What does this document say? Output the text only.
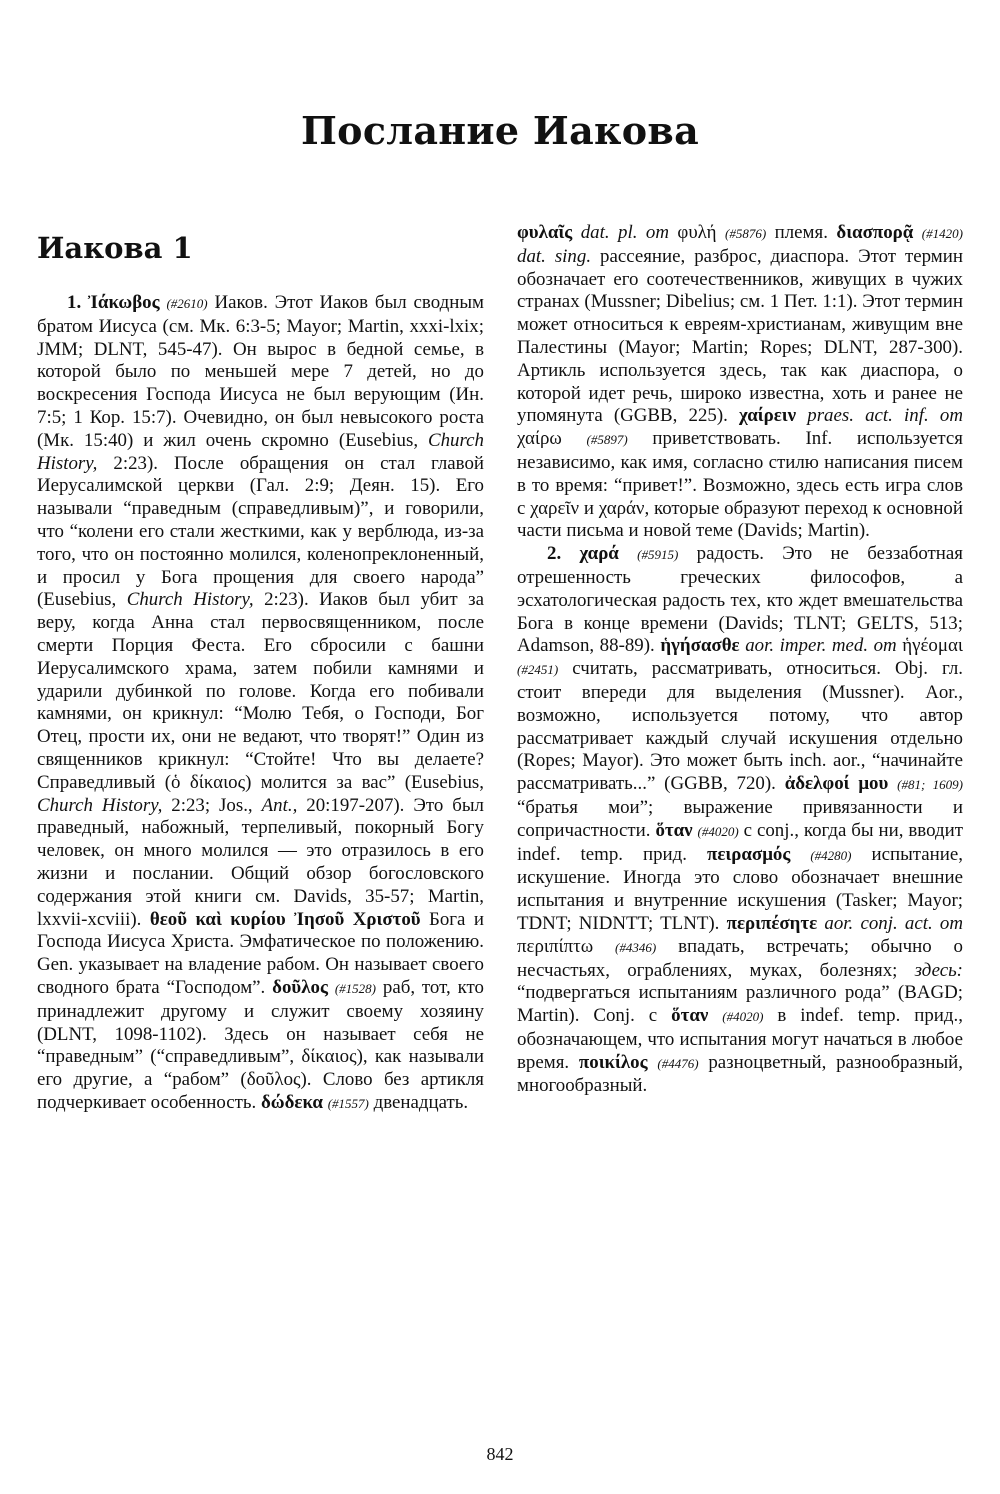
Послание Иакова
Иакова 1

1. Ἰάκωβος (#2610) Иаков. Этот Иаков был сводным братом Иисуса (см. Мк. 6:3-5; Mayor; Martin, xxxi-lxix; JMM; DLNT, 545-47). Он вырос в бедной семье, в которой было по меньшей мере 7 детей, но до воскресения Господа Иисуса не был верующим (Ин. 7:5; 1 Кор. 15:7). Очевидно, он был невысокого роста (Мк. 15:40) и жил очень скромно (Eusebius, Church History, 2:23). После обращения он стал главой Иерусалимской церкви (Гал. 2:9; Деян. 15). Его называли “праведным (справедливым)”, и говорили, что “колени его стали жесткими, как у верблюда, из-за того, что он постоянно молился, коленопреклоненный, и просил у Бога прощения для своего народа” (Eusebius, Church History, 2:23). Иаков был убит за веру, когда Анна стал первосвященником, после смерти Порция Феста. Его сбросили с башни Иерусалимского храма, затем побили камнями и ударили дубинкой по голове. Когда его побивали камнями, он крикнул: “Молю Тебя, о Господи, Бог Отец, прости их, они не ведают, что творят!” Один из священников крикнул: “Стойте! Что вы делаете? Справедливый (ὁ δίκαιος) молится за вас” (Eusebius, Church History, 2:23; Jos., Ant., 20:197-207). Это был праведный, набожный, терпеливый, покорный Богу человек, он много молился — это отразилось в его жизни и послании. Общий обзор богословского содержания этой книги см. Davids, 35-57; Martin, lxxvii-xcviii). θεοῦ καὶ κυρίου Ἰησοῦ Χριστοῦ Бога и Господа Иисуса Христа. Эмфатическое по положению. Gen. указывает на владение рабом. Он называет своего сводного брата “Господом”. δοῦλος (#1528) раб, тот, кто принадлежит другому и служит своему хозяину (DLNT, 1098-1102). Здесь он называет себя не “праведным” (“справедливым”, δίκαιος), как называли его другие, а “рабом” (δοῦλος). Слово без артикля подчеркивает особенность. δώδεκα (#1557) двенадцать.

φυλαῖς dat. pl. от φυλή (#5876) племя. διασπορᾷ (#1420) dat. sing. рассеяние, разброс, диаспора. Этот термин обозначает его соотечественников, живущих в чужих странах (Mussner; Dibelius; см. 1 Пет. 1:1). Этот термин может относиться к евреям-христианам, живущим вне Палестины (Mayor; Martin; Ropes; DLNT, 287-300). Артикль используется здесь, так как диаспора, о которой идет речь, широко известна, хоть и ранее не упомянута (GGBB, 225). χαίρειν praes. act. inf. от χαίρω (#5897) приветствовать. Inf. используется независимо, как имя, согласно стилю написания писем в то время: “привет!”. Возможно, здесь есть игра слов с χαρεῖν и χαράν, которые образуют переход к основной части письма и новой теме (Davids; Martin).

2. χαρά (#5915) радость. Это не беззаботная отрешенность греческих философов, а эсхатологическая радость тех, кто ждет вмешательства Бога в конце времени (Davids; TLNT; GELTS, 513; Adamson, 88-89). ἡγήσασθε aor. imper. med. от ἡγέομαι (#2451) считать, рассматривать, относиться. Obj. гл. стоит впереди для выделения (Mussner). Aor., возможно, используется потому, что автор рассматривает каждый случай искушения отдельно (Ropes; Mayor). Это может быть inch. aor., “начинайте рассматривать...” (GGBB, 720). ἀδελφοί μου (#81; 1609) “братья мои”; выражение привязанности и сопричастности. ὅταν (#4020) с conj., когда бы ни, вводит indef. temp. прид. πειρασμός (#4280) испытание, искушение. Иногда это слово обозначает внешние испытания и внутренние искушения (Tasker; Mayor; TDNT; NIDNTT; TLNT). περιπέσητε aor. conj. act. от περιπίπτω (#4346) впадать, встречать; обычно о несчастьях, ограблениях, муках, болезнях; здесь: “подвергаться испытаниям различного рода” (BAGD; Martin). Conj. с ὅταν (#4020) в indef. temp. прид., обозначающем, что испытания могут начаться в любое время. ποικίλος (#4476) разноцветный, разнообразный, многообразный.

842
